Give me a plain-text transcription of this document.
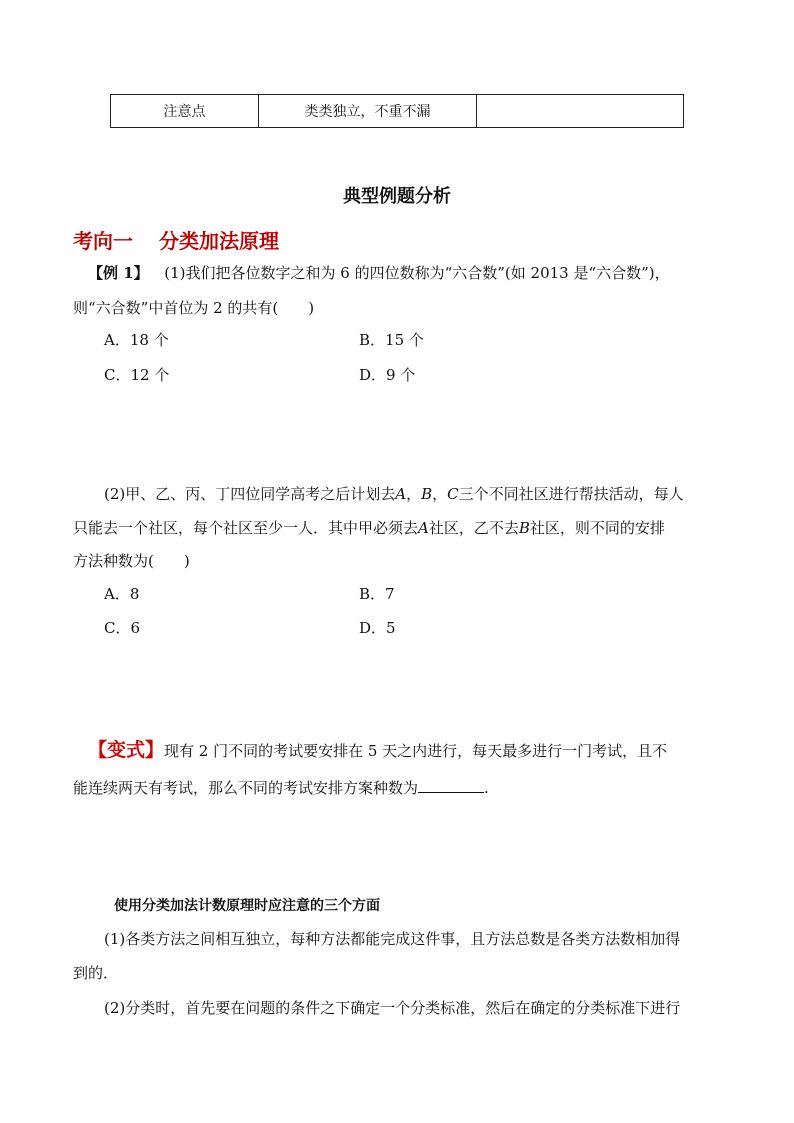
注意点	类类独立，不重不漏
典型例题分析
考向一 分类加法原理
【例 1】 (1)我们把各位数字之和为 6 的四位数称为“六合数”(如 2013 是“六合数”)，
则“六合数”中首位为 2 的共有(　　)
A．18 个	B．15 个
C．12 个	D．9 个
(2)甲、乙、丙、丁四位同学高考之后计划去A，B，C三个不同社区进行帮扶活动，每人
只能去一个社区，每个社区至少一人．其中甲必须去A社区，乙不去B社区，则不同的安排
方法种数为(　　)
A．8	B．7
C．6	D．5
【变式】现有 2 门不同的考试要安排在 5 天之内进行，每天最多进行一门考试，且不
能连续两天有考试，那么不同的考试安排方案种数为	.
使用分类加法计数原理时应注意的三个方面
(1)各类方法之间相互独立，每种方法都能完成这件事，且方法总数是各类方法数相加得
到的．
(2)分类时，首先要在问题的条件之下确定一个分类标准，然后在确定的分类标准下进行
